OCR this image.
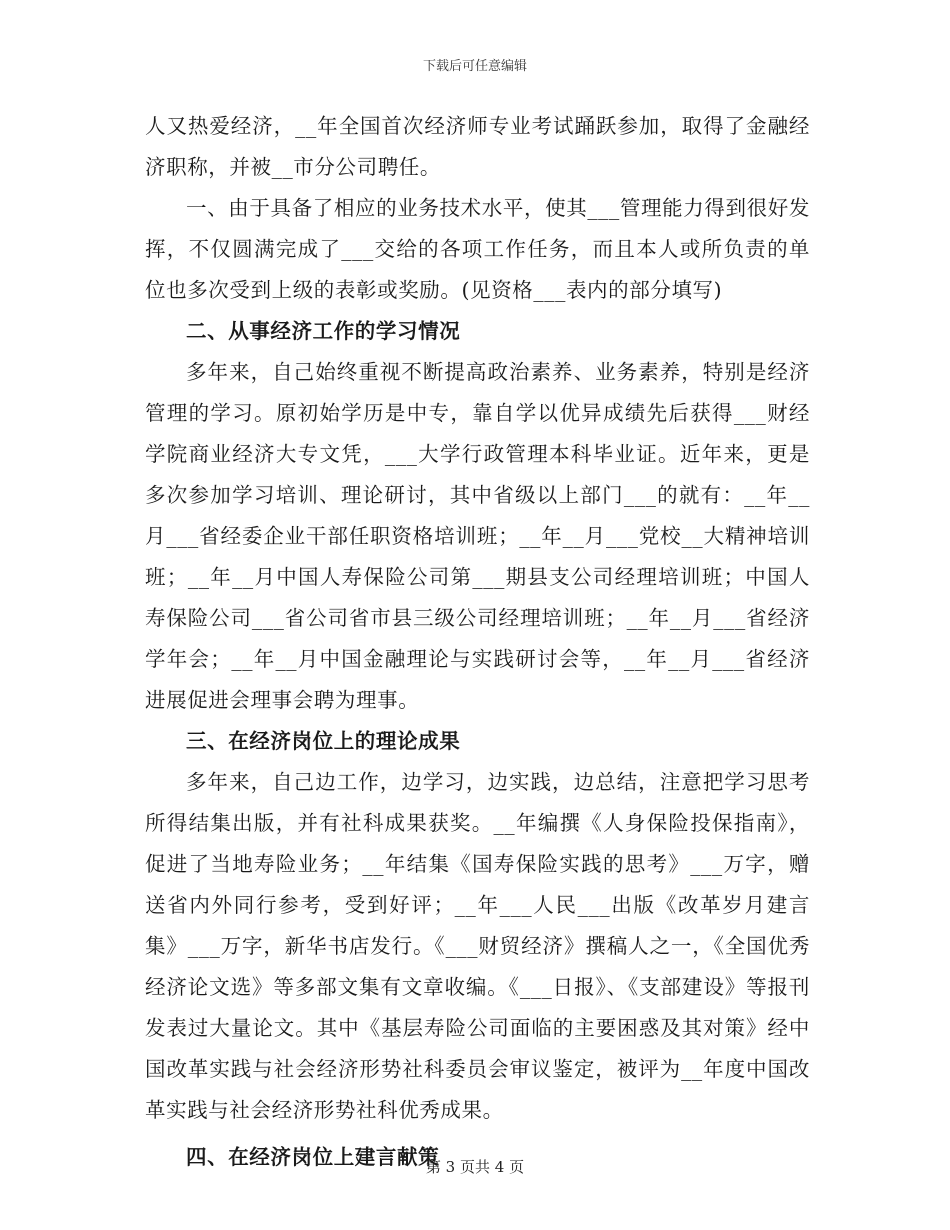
下载后可任意编辑

人又热爱经济，__年全国首次经济师专业考试踊跃参加，取得了金融经济职称，并被__市分公司聘任。

一、由于具备了相应的业务技术水平，使其___管理能力得到很好发挥，不仅圆满完成了___交给的各项工作任务，而且本人或所负责的单位也多次受到上级的表彰或奖励。(见资格___表内的部分填写)

二、从事经济工作的学习情况

多年来，自己始终重视不断提高政治素养、业务素养，特别是经济管理的学习。原初始学历是中专，靠自学以优异成绩先后获得___财经学院商业经济大专文凭，___大学行政管理本科毕业证。近年来，更是多次参加学习培训、理论研讨，其中省级以上部门___的就有：__年__月___省经委企业干部任职资格培训班；__年__月___党校__大精神培训班；__年__月中国人寿保险公司第___期县支公司经理培训班；中国人寿保险公司___省公司省市县三级公司经理培训班；__年__月___省经济学年会；__年__月中国金融理论与实践研讨会等，__年__月___省经济进展促进会理事会聘为理事。

三、在经济岗位上的理论成果

多年来，自己边工作，边学习，边实践，边总结，注意把学习思考所得结集出版，并有社科成果获奖。__年编撰《人身保险投保指南》，促进了当地寿险业务；__年结集《国寿保险实践的思考》___万字，赠送省内外同行参考，受到好评；__年___人民___出版《改革岁月建言集》___万字，新华书店发行。《___财贸经济》撰稿人之一，《全国优秀经济论文选》等多部文集有文章收编。《___日报》、《支部建设》等报刊发表过大量论文。其中《基层寿险公司面临的主要困惑及其对策》经中国改革实践与社会经济形势社科委员会审议鉴定，被评为__年度中国改革实践与社会经济形势社科优秀成果。

四、在经济岗位上建言献策

第 3 页共 4 页
